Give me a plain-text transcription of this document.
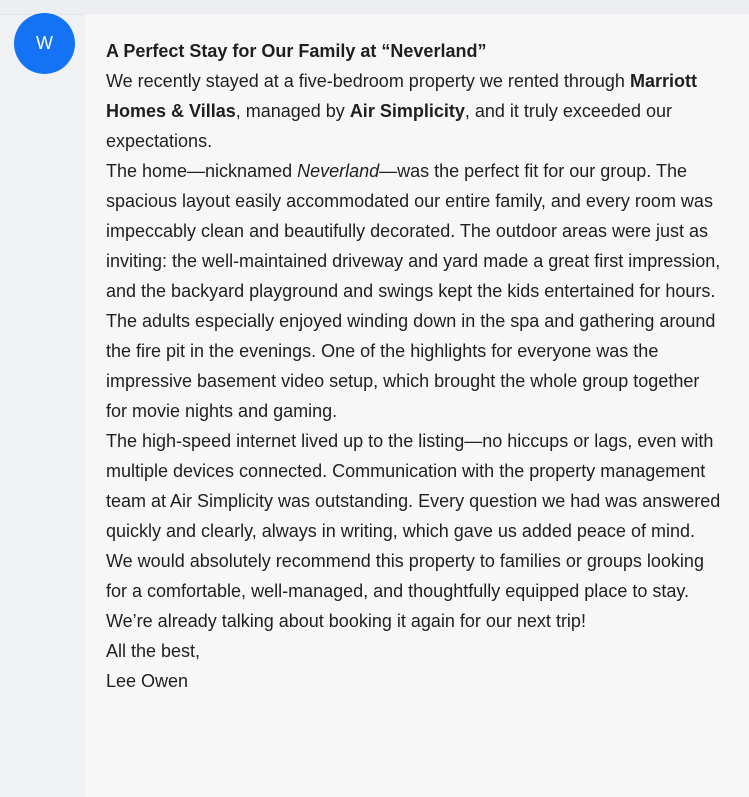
W	A Perfect Stay for Our Family at “Neverland”

We recently stayed at a five-bedroom property we rented through Marriott Homes & Villas, managed by Air Simplicity, and it truly exceeded our expectations.

The home—nicknamed Neverland—was the perfect fit for our group. The spacious layout easily accommodated our entire family, and every room was impeccably clean and beautifully decorated. The outdoor areas were just as inviting: the well-maintained driveway and yard made a great first impression, and the backyard playground and swings kept the kids entertained for hours.

The adults especially enjoyed winding down in the spa and gathering around the fire pit in the evenings. One of the highlights for everyone was the impressive basement video setup, which brought the whole group together for movie nights and gaming.

The high-speed internet lived up to the listing—no hiccups or lags, even with multiple devices connected. Communication with the property management team at Air Simplicity was outstanding. Every question we had was answered quickly and clearly, always in writing, which gave us added peace of mind.

We would absolutely recommend this property to families or groups looking for a comfortable, well-managed, and thoughtfully equipped place to stay. We’re already talking about booking it again for our next trip!

All the best,

Lee Owen
